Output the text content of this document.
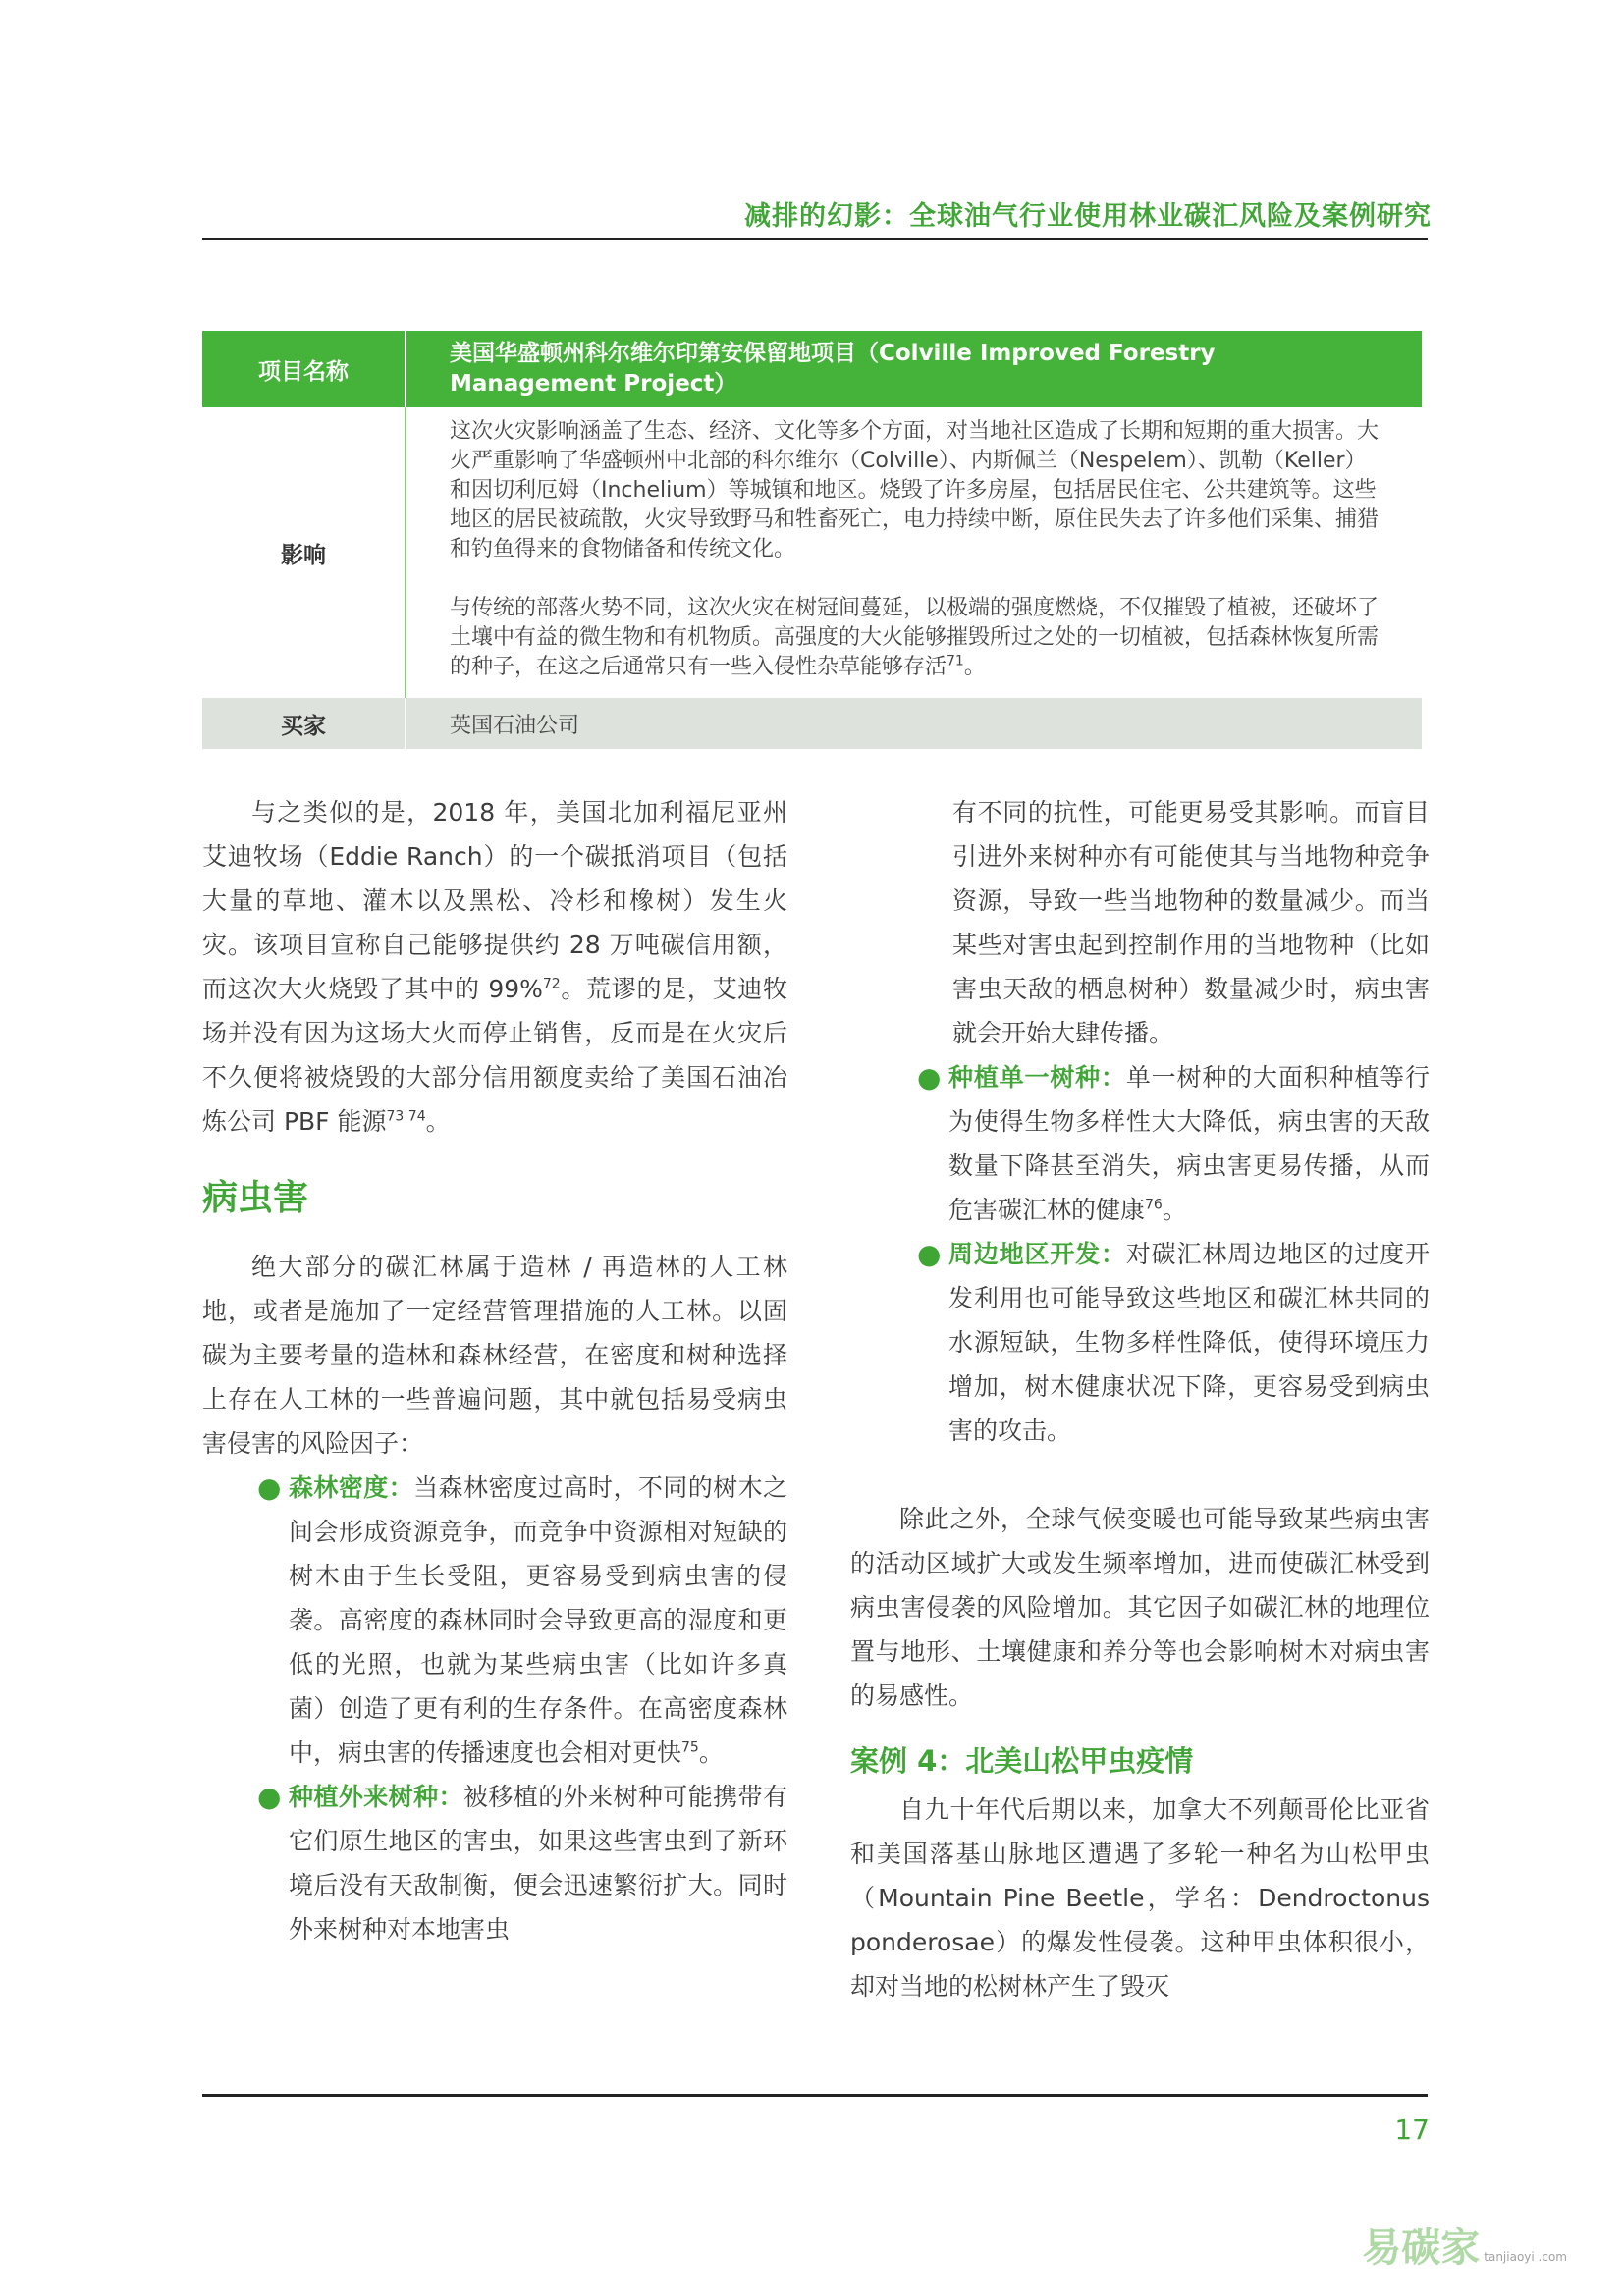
减排的幻影：全球油气行业使用林业碳汇风险及案例研究
项目名称	美国华盛顿州科尔维尔印第安保留地项目（Colville Improved Forestry Management Project）
影响	这次火灾影响涵盖了生态、经济、文化等多个方面，对当地社区造成了长期和短期的重大损害。大火严重影响了华盛顿州中北部的科尔维尔（Colville）、内斯佩兰（Nespelem）、凯勒（Keller）和因切利厄姆（Inchelium）等城镇和地区。烧毁了许多房屋，包括居民住宅、公共建筑等。这些地区的居民被疏散，火灾导致野马和牲畜死亡，电力持续中断，原住民失去了许多他们采集、捕猎和钓鱼得来的食物储备和传统文化。

与传统的部落火势不同，这次火灾在树冠间蔓延，以极端的强度燃烧，不仅摧毁了植被，还破坏了土壤中有益的微生物和有机物质。高强度的大火能够摧毁所过之处的一切植被，包括森林恢复所需的种子，在这之后通常只有一些入侵性杂草能够存活$^{71}$。

买家	英国石油公司

与之类似的是，2018 年，美国北加利福尼亚州艾迪牧场（Eddie Ranch）的一个碳抵消项目（包括大量的草地、灌木以及黑松、冷杉和橡树）发生火灾。该项目宣称自己能够提供约 28 万吨碳信用额，而这次大火烧毁了其中的 99%$^{72}$。荒谬的是，艾迪牧场并没有因为这场大火而停止销售，反而是在火灾后不久便将被烧毁的大部分信用额度卖给了美国石油冶炼公司 PBF 能源$^{73 74}$。

病虫害

绝大部分的碳汇林属于造林 / 再造林的人工林地，或者是施加了一定经营管理措施的人工林。以固碳为主要考量的造林和森林经营，在密度和树种选择上存在人工林的一些普遍问题，其中就包括易受病虫害侵害的风险因子：

● 森林密度：当森林密度过高时，不同的树木之间会形成资源竞争，而竞争中资源相对短缺的树木由于生长受阻，更容易受到病虫害的侵袭。高密度的森林同时会导致更高的湿度和更低的光照，也就为某些病虫害（比如许多真菌）创造了更有利的生存条件。在高密度森林中，病虫害的传播速度也会相对更快$^{75}$。
● 种植外来树种：被移植的外来树种可能携带有它们原生地区的害虫，如果这些害虫到了新环境后没有天敌制衡，便会迅速繁衍扩大。同时外来树种对本地害虫
有不同的抗性，可能更易受其影响。而盲目引进外来树种亦有可能使其与当地物种竞争资源，导致一些当地物种的数量减少。而当某些对害虫起到控制作用的当地物种（比如害虫天敌的栖息树种）数量减少时，病虫害就会开始大肆传播。
● 种植单一树种：单一树种的大面积种植等行为使得生物多样性大大降低，病虫害的天敌数量下降甚至消失，病虫害更易传播，从而危害碳汇林的健康$^{76}$。
● 周边地区开发：对碳汇林周边地区的过度开发利用也可能导致这些地区和碳汇林共同的水源短缺，生物多样性降低，使得环境压力增加，树木健康状况下降，更容易受到病虫害的攻击。

除此之外，全球气候变暖也可能导致某些病虫害的活动区域扩大或发生频率增加，进而使碳汇林受到病虫害侵袭的风险增加。其它因子如碳汇林的地理位置与地形、土壤健康和养分等也会影响树木对病虫害的易感性。

案例 4：北美山松甲虫疫情

自九十年代后期以来，加拿大不列颠哥伦比亚省和美国落基山脉地区遭遇了多轮一种名为山松甲虫（Mountain Pine Beetle，学名：Dendroctonus ponderosae）的爆发性侵袭。这种甲虫体积很小，却对当地的松树林产生了毁灭

17
易碳家 tanjiaoyi .com
